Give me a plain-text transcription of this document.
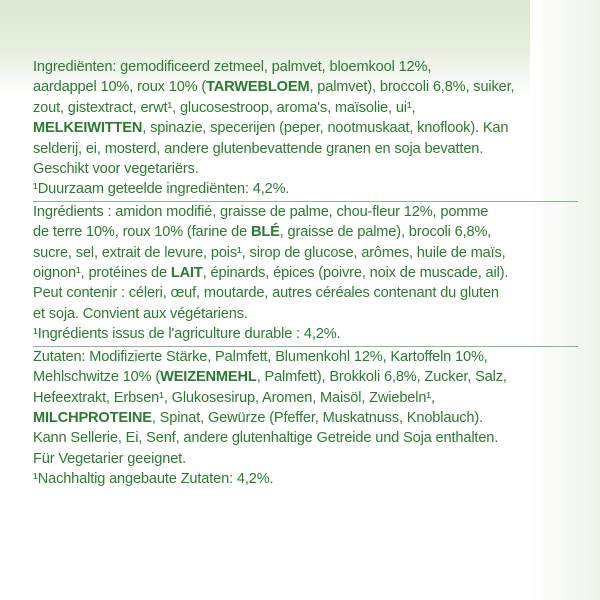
Ingrediënten: gemodificeerd zetmeel, palmvet, bloemkool 12%,
aardappel 10%, roux 10% (TARWEBLOEM, palmvet), broccoli 6,8%, suiker,
zout, gistextract, erwt¹, glucosestroop, aroma's, maïsolie, ui¹,
MELKEIWITTEN, spinazie, specerijen (peper, nootmuskaat, knoflook). Kan
selderij, ei, mosterd, andere glutenbevattende granen en soja bevatten.
Geschikt voor vegetariërs.
¹Duurzaam geteelde ingrediënten: 4,2%.
Ingrédients : amidon modifié, graisse de palme, chou-fleur 12%, pomme
de terre 10%, roux 10% (farine de BLÉ, graisse de palme), brocoli 6,8%,
sucre, sel, extrait de levure, pois¹, sirop de glucose, arômes, huile de maïs,
oignon¹, protéines de LAIT, épinards, épices (poivre, noix de muscade, ail).
Peut contenir : céleri, œuf, moutarde, autres céréales contenant du gluten
et soja. Convient aux végétariens.
¹Ingrédients issus de l'agriculture durable : 4,2%.
Zutaten: Modifizierte Stärke, Palmfett, Blumenkohl 12%, Kartoffeln 10%,
Mehlschwitze 10% (WEIZENMEHL, Palmfett), Brokkoli 6,8%, Zucker, Salz,
Hefeextrakt, Erbsen¹, Glukosesirup, Aromen, Maisöl, Zwiebeln¹,
MILCHPROTEINE, Spinat, Gewürze (Pfeffer, Muskatnuss, Knoblauch).
Kann Sellerie, Ei, Senf, andere glutenhaltige Getreide und Soja enthalten.
Für Vegetarier geeignet.
¹Nachhaltig angebaute Zutaten: 4,2%.
